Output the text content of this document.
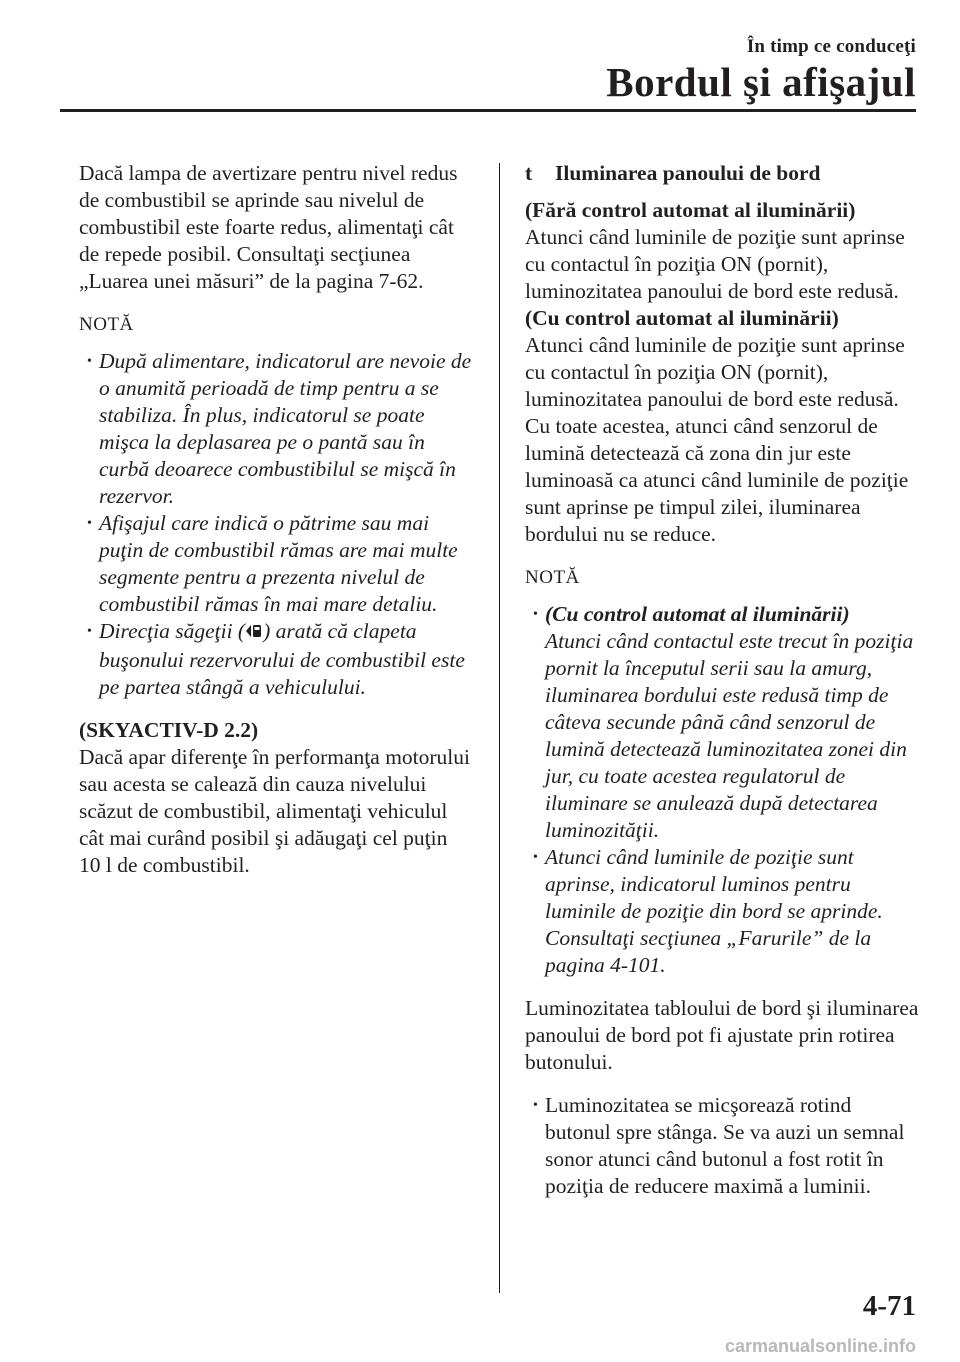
În timp ce conduceţi
Bordul şi afişajul

Dacă lampa de avertizare pentru nivel redus de combustibil se aprinde sau nivelul de combustibil este foarte redus, alimentaţi cât de repede posibil. Consultaţi secţiunea „Luarea unei măsuri” de la pagina 7-62.

NOTĂ

• După alimentare, indicatorul are nevoie de o anumită perioadă de timp pentru a se stabiliza. În plus, indicatorul se poate mişca la deplasarea pe o pantă sau în curbă deoarece combustibilul se mişcă în rezervor.
• Afişajul care indică o pătrime sau mai puţin de combustibil rămas are mai multe segmente pentru a prezenta nivelul de combustibil rămas în mai mare detaliu.
• Direcţia săgeţii ( ) arată că clapeta buşonului rezervorului de combustibil este pe partea stângă a vehiculului.

(SKYACTIV-D 2.2)

Dacă apar diferenţe în performanţa motorului sau acesta se calează din cauza nivelului scăzut de combustibil, alimentaţi vehiculul cât mai curând posibil şi adăugaţi cel puţin 10 l de combustibil.

t Iluminarea panoului de bord

(Fără control automat al iluminării)

Atunci când luminile de poziţie sunt aprinse cu contactul în poziţia ON (pornit), luminozitatea panoului de bord este redusă.

(Cu control automat al iluminării)

Atunci când luminile de poziţie sunt aprinse cu contactul în poziţia ON (pornit), luminozitatea panoului de bord este redusă. Cu toate acestea, atunci când senzorul de lumină detectează că zona din jur este luminoasă ca atunci când luminile de poziţie sunt aprinse pe timpul zilei, iluminarea bordului nu se reduce.

NOTĂ

• (Cu control automat al iluminării)
Atunci când contactul este trecut în poziţia pornit la începutul serii sau la amurg, iluminarea bordului este redusă timp de câteva secunde până când senzorul de lumină detectează luminozitatea zonei din jur, cu toate acestea regulatorul de iluminare se anulează după detectarea luminozităţii.
• Atunci când luminile de poziţie sunt aprinse, indicatorul luminos pentru luminile de poziţie din bord se aprinde. Consultaţi secţiunea „Farurile” de la pagina 4-101.

Luminozitatea tabloului de bord şi iluminarea panoului de bord pot fi ajustate prin rotirea butonului.

• Luminozitatea se micşorează rotind butonul spre stânga. Se va auzi un semnal sonor atunci când butonul a fost rotit în poziţia de reducere maximă a luminii.
4-71
carmanualsonline.info
